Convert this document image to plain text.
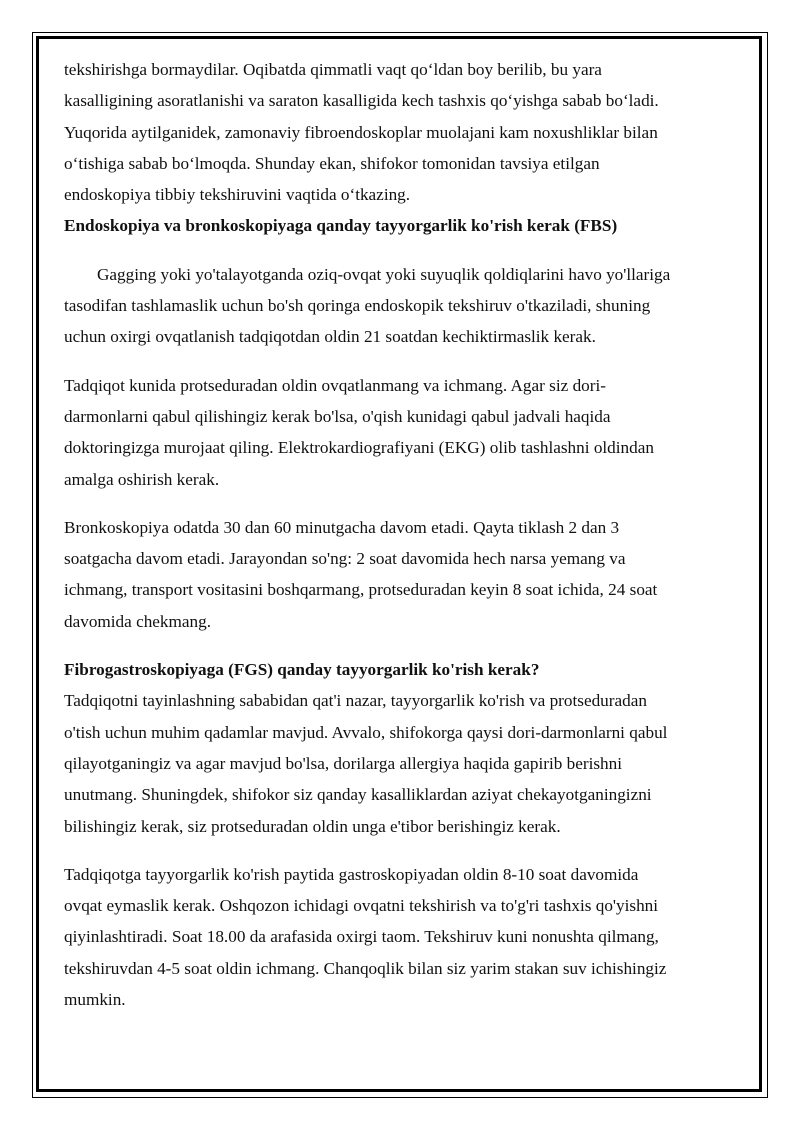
tekshirishga bormaydilar. Oqibatda qimmatli vaqt qo‘ldan boy berilib, bu yara
kasalligining asoratlanishi va saraton kasalligida kech tashxis qo‘yishga sabab bo‘ladi.
Yuqorida aytilganidek, zamonaviy fibroendoskoplar muolajani kam noxushliklar bilan
o‘tishiga sabab bo‘lmoqda. Shunday ekan, shifokor tomonidan tavsiya etilgan
endoskopiya tibbiy tekshiruvini vaqtida o‘tkazing.

Endoskopiya va bronkoskopiyaga qanday tayyorgarlik ko'rish kerak (FBS)

Gagging yoki yo'talayotganda oziq-ovqat yoki suyuqlik qoldiqlarini havo yo'llariga
tasodifan tashlamaslik uchun bo'sh qoringa endoskopik tekshiruv o'tkaziladi, shuning
uchun oxirgi ovqatlanish tadqiqotdan oldin 21 soatdan kechiktirmaslik kerak.

Tadqiqot kunida protseduradan oldin ovqatlanmang va ichmang. Agar siz dori-
darmonlarni qabul qilishingiz kerak bo'lsa, o'qish kunidagi qabul jadvali haqida
doktoringizga murojaat qiling. Elektrokardiografiyani (EKG) olib tashlashni oldindan
amalga oshirish kerak.

Bronkoskopiya odatda 30 dan 60 minutgacha davom etadi. Qayta tiklash 2 dan 3
soatgacha davom etadi. Jarayondan so'ng: 2 soat davomida hech narsa yemang va
ichmang, transport vositasini boshqarmang, protseduradan keyin 8 soat ichida, 24 soat
davomida chekmang.

Fibrogastroskopiyaga (FGS) qanday tayyorgarlik ko'rish kerak?

Tadqiqotni tayinlashning sababidan qat'i nazar, tayyorgarlik ko'rish va protseduradan
o'tish uchun muhim qadamlar mavjud. Avvalo, shifokorga qaysi dori-darmonlarni qabul
qilayotganingiz va agar mavjud bo'lsa, dorilarga allergiya haqida gapirib berishni
unutmang. Shuningdek, shifokor siz qanday kasalliklardan aziyat chekayotganingizni
bilishingiz kerak, siz protseduradan oldin unga e'tibor berishingiz kerak.

Tadqiqotga tayyorgarlik ko'rish paytida gastroskopiyadan oldin 8-10 soat davomida
ovqat eymaslik kerak. Oshqozon ichidagi ovqatni tekshirish va to'g'ri tashxis qo'yishni
qiyinlashtiradi. Soat 18.00 da arafasida oxirgi taom. Tekshiruv kuni nonushta qilmang,
tekshiruvdan 4-5 soat oldin ichmang. Chanqoqlik bilan siz yarim stakan suv ichishingiz
mumkin.
